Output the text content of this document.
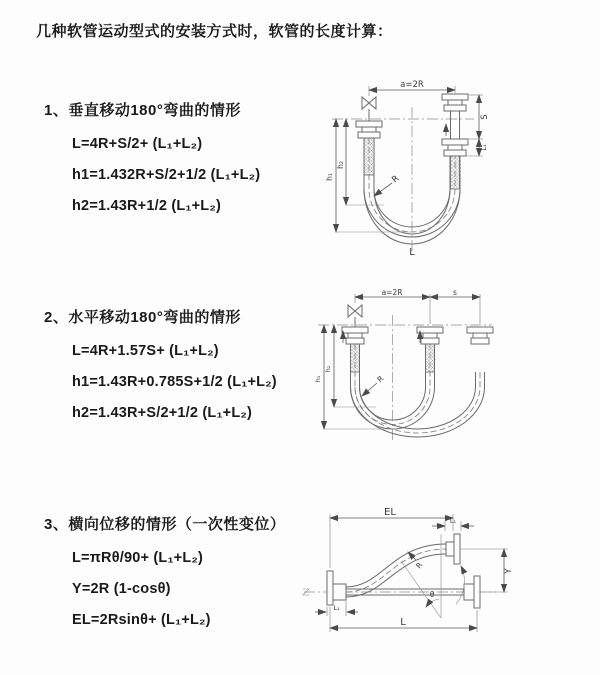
几种软管运动型式的安装方式时，软管的长度计算：
1、垂直移动180°弯曲的情形
L=4R+S/2+ (L₁+L₂)
h1=1.432R+S/2+1/2 (L₁+L₂)
h2=1.43R+1/2 (L₁+L₂)
2、水平移动180°弯曲的情形
L=4R+1.57S+ (L₁+L₂)
h1=1.43R+0.785S+1/2 (L₁+L₂)
h2=1.43R+S/2+1/2 (L₁+L₂)
3、横向位移的情形（一次性变位）
L=πRθ/90+ (L₁+L₂)
Y=2R (1-cosθ)
EL=2Rsinθ+ (L₁+L₂)
a=2R
S
L₁
h₁
h₂
R
L
a=2R	s
h₁
h₂
R
θ
EL
L₁
Y
R
L₁
L
